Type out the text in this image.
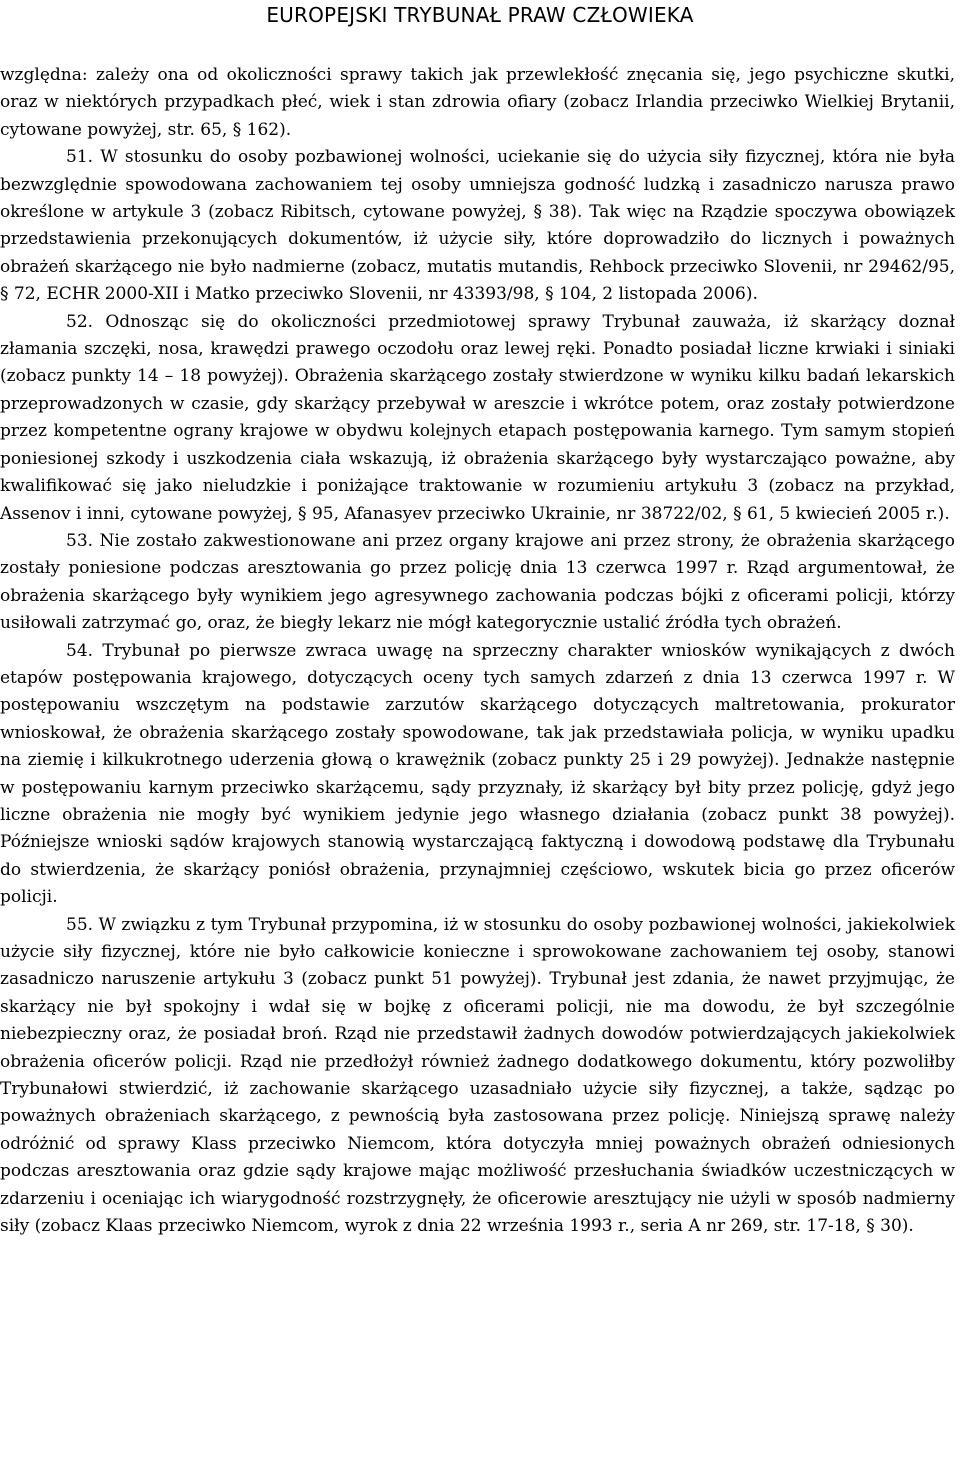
EUROPEJSKI TRYBUNAŁ PRAW CZŁOWIEKA

względna: zależy ona od okoliczności sprawy takich jak przewlekłość znęcania się, jego psychiczne skutki, oraz w niektórych przypadkach płeć, wiek i stan zdrowia ofiary (zobacz Irlandia przeciwko Wielkiej Brytanii, cytowane powyżej, str. 65, § 162).

51. W stosunku do osoby pozbawionej wolności, uciekanie się do użycia siły fizycznej, która nie była bezwzględnie spowodowana zachowaniem tej osoby umniejsza godność ludzką i zasadniczo narusza prawo określone w artykule 3 (zobacz Ribitsch, cytowane powyżej, § 38). Tak więc na Rządzie spoczywa obowiązek przedstawienia przekonujących dokumentów, iż użycie siły, które doprowadziło do licznych i poważnych obrażeń skarżącego nie było nadmierne (zobacz, mutatis mutandis, Rehbock przeciwko Slovenii, nr 29462/95, § 72, ECHR 2000-XII i Matko przeciwko Slovenii, nr 43393/98, § 104, 2 listopada 2006).

52. Odnosząc się do okoliczności przedmiotowej sprawy Trybunał zauważa, iż skarżący doznał złamania szczęki, nosa, krawędzi prawego oczodołu oraz lewej ręki. Ponadto posiadał liczne krwiaki i siniaki (zobacz punkty 14 – 18 powyżej). Obrażenia skarżącego zostały stwierdzone w wyniku kilku badań lekarskich przeprowadzonych w czasie, gdy skarżący przebywał w areszcie i wkrótce potem, oraz zostały potwierdzone przez kompetentne ograny krajowe w obydwu kolejnych etapach postępowania karnego. Tym samym stopień poniesionej szkody i uszkodzenia ciała wskazują, iż obrażenia skarżącego były wystarczająco poważne, aby kwalifikować się jako nieludzkie i poniżające traktowanie w rozumieniu artykułu 3 (zobacz na przykład, Assenov i inni, cytowane powyżej, § 95, Afanasyev przeciwko Ukrainie, nr 38722/02, § 61, 5 kwiecień 2005 r.).

53. Nie zostało zakwestionowane ani przez organy krajowe ani przez strony, że obrażenia skarżącego zostały poniesione podczas aresztowania go przez policję dnia 13 czerwca 1997 r. Rząd argumentował, że obrażenia skarżącego były wynikiem jego agresywnego zachowania podczas bójki z oficerami policji, którzy usiłowali zatrzymać go, oraz, że biegły lekarz nie mógł kategorycznie ustalić źródła tych obrażeń.

54. Trybunał po pierwsze zwraca uwagę na sprzeczny charakter wniosków wynikających z dwóch etapów postępowania krajowego, dotyczących oceny tych samych zdarzeń z dnia 13 czerwca 1997 r. W postępowaniu wszczętym na podstawie zarzutów skarżącego dotyczących maltretowania, prokurator wnioskował, że obrażenia skarżącego zostały spowodowane, tak jak przedstawiała policja, w wyniku upadku na ziemię i kilkukrotnego uderzenia głową o krawężnik (zobacz punkty 25 i 29 powyżej). Jednakże następnie w postępowaniu karnym przeciwko skarżącemu, sądy przyznały, iż skarżący był bity przez policję, gdyż jego liczne obrażenia nie mogły być wynikiem jedynie jego własnego działania (zobacz punkt 38 powyżej). Późniejsze wnioski sądów krajowych stanowią wystarczającą faktyczną i dowodową podstawę dla Trybunału do stwierdzenia, że skarżący poniósł obrażenia, przynajmniej częściowo, wskutek bicia go przez oficerów policji.

55. W związku z tym Trybunał przypomina, iż w stosunku do osoby pozbawionej wolności, jakiekolwiek użycie siły fizycznej, które nie było całkowicie konieczne i sprowokowane zachowaniem tej osoby, stanowi zasadniczo naruszenie artykułu 3 (zobacz punkt 51 powyżej). Trybunał jest zdania, że nawet przyjmując, że skarżący nie był spokojny i wdał się w bojkę z oficerami policji, nie ma dowodu, że był szczególnie niebezpieczny oraz, że posiadał broń. Rząd nie przedstawił żadnych dowodów potwierdzających jakiekolwiek obrażenia oficerów policji. Rząd nie przedłożył również żadnego dodatkowego dokumentu, który pozwoliłby Trybunałowi stwierdzić, iż zachowanie skarżącego uzasadniało użycie siły fizycznej, a także, sądząc po poważnych obrażeniach skarżącego, z pewnością była zastosowana przez policję. Niniejszą sprawę należy odróżnić od sprawy Klass przeciwko Niemcom, która dotyczyła mniej poważnych obrażeń odniesionych podczas aresztowania oraz gdzie sądy krajowe mając możliwość przesłuchania świadków uczestniczących w zdarzeniu i oceniając ich wiarygodność rozstrzygnęły, że oficerowie aresztujący nie użyli w sposób nadmierny siły (zobacz Klaas przeciwko Niemcom, wyrok z dnia 22 września 1993 r., seria A nr 269, str. 17-18, § 30).
